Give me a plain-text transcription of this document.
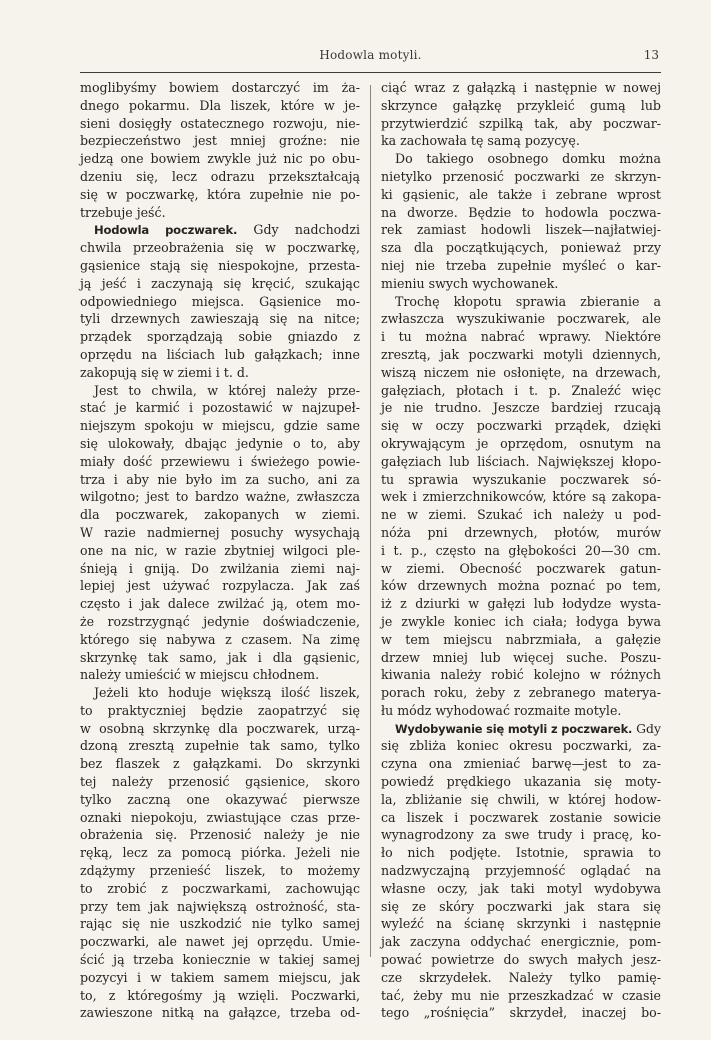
Hodowla motyli.	13
moglibyśmy bowiem dostarczyć im ża-
dnego pokarmu. Dla liszek, które w je-
sieni dosięgły ostatecznego rozwoju, nie-
bezpieczeństwo jest mniej groźne: nie
jedzą one bowiem zwykle już nic po obu-
dzeniu się, lecz odrazu przekształcają
się w poczwarkę, która zupełnie nie po-
trzebuje jeść.
Hodowla poczwarek. Gdy nadchodzi
chwila przeobrażenia się w poczwarkę,
gąsienice stają się niespokojne, przesta-
ją jeść i zaczynają się kręcić, szukając
odpowiedniego miejsca. Gąsienice mo-
tyli drzewnych zawieszają się na nitce;
prządek sporządzają sobie gniazdo z
oprzędu na liściach lub gałązkach; inne
zakopują się w ziemi i t. d.
Jest to chwila, w której należy prze-
stać je karmić i pozostawić w najzupeł-
niejszym spokoju w miejscu, gdzie same
się ulokowały, dbając jedynie o to, aby
miały dość przewiewu i świeżego powie-
trza i aby nie było im za sucho, ani za
wilgotno; jest to bardzo ważne, zwłaszcza
dla poczwarek, zakopanych w ziemi.
W razie nadmiernej posuchy wysychają
one na nic, w razie zbytniej wilgoci ple-
śnieją i gniją. Do zwilżania ziemi naj-
lepiej jest używać rozpylacza. Jak zaś
często i jak dalece zwilżać ją, otem mo-
że rozstrzygnąć jedynie doświadczenie,
którego się nabywa z czasem. Na zimę
skrzynkę tak samo, jak i dla gąsienic,
należy umieścić w miejscu chłodnem.
Jeżeli kto hoduje większą ilość liszek,
to praktyczniej będzie zaopatrzyć się
w osobną skrzynkę dla poczwarek, urzą-
dzoną zresztą zupełnie tak samo, tylko
bez flaszek z gałązkami. Do skrzynki
tej należy przenosić gąsienice, skoro
tylko zaczną one okazywać pierwsze
oznaki niepokoju, zwiastujące czas prze-
obrażenia się. Przenosić należy je nie
ręką, lecz za pomocą piórka. Jeżeli nie
zdążymy przenieść liszek, to możemy
to zrobić z poczwarkami, zachowując
przy tem jak największą ostrożność, sta-
rając się nie uszkodzić nie tylko samej
poczwarki, ale nawet jej oprzędu. Umie-
ścić ją trzeba koniecznie w takiej samej
pozycyi i w takiem samem miejscu, jak
to, z któregośmy ją wzięli. Poczwarki,
zawieszone nitką na gałązce, trzeba od-
ciąć wraz z gałązką i następnie w nowej
skrzynce gałązkę przykleić gumą lub
przytwierdzić szpilką tak, aby poczwar-
ka zachowała tę samą pozycyę.
Do takiego osobnego domku można
nietylko przenosić poczwarki ze skrzyn-
ki gąsienic, ale także i zebrane wprost
na dworze. Będzie to hodowla poczwa-
rek zamiast hodowli liszek—najłatwiej-
sza dla początkujących, ponieważ przy
niej nie trzeba zupełnie myśleć o kar-
mieniu swych wychowanek.
Trochę kłopotu sprawia zbieranie a
zwłaszcza wyszukiwanie poczwarek, ale
i tu można nabrać wprawy. Niektóre
zresztą, jak poczwarki motyli dziennych,
wiszą niczem nie osłonięte, na drzewach,
gałęziach, płotach i t. p. Znaleźć więc
je nie trudno. Jeszcze bardziej rzucają
się w oczy poczwarki prządek, dzięki
okrywającym je oprzędom, osnutym na
gałęziach lub liściach. Największej kłopo-
tu sprawia wyszukanie poczwarek só-
wek i zmierzchnikowców, które są zakopa-
ne w ziemi. Szukać ich należy u pod-
nóża pni drzewnych, płotów, murów
i t. p., często na głębokości 20—30 cm.
w ziemi. Obecność poczwarek gatun-
ków drzewnych można poznać po tem,
iż z dziurki w gałęzi lub łodydze wysta-
je zwykle koniec ich ciała; łodyga bywa
w tem miejscu nabrzmiała, a gałęzie
drzew mniej lub więcej suche. Poszu-
kiwania należy robić kolejno w różnych
porach roku, żeby z zebranego materya-
łu módz wyhodować rozmaite motyle.
Wydobywanie się motyli z poczwarek. Gdy
się zbliża koniec okresu poczwarki, za-
czyna ona zmieniać barwę—jest to za-
powiedź prędkiego ukazania się moty-
la, zbliżanie się chwili, w której hodow-
ca liszek i poczwarek zostanie sowicie
wynagrodzony za swe trudy i pracę, ko-
ło nich podjęte. Istotnie, sprawia to
nadzwyczajną przyjemność oglądać na
własne oczy, jak taki motyl wydobywa
się ze skóry poczwarki jak stara się
wyleźć na ścianę skrzynki i następnie
jak zaczyna oddychać energicznie, pom-
pować powietrze do swych małych jesz-
cze skrzydełek. Należy tylko pamię-
tać, żeby mu nie przeszkadzać w czasie
tego „rośnięcia” skrzydeł, inaczej bo-
